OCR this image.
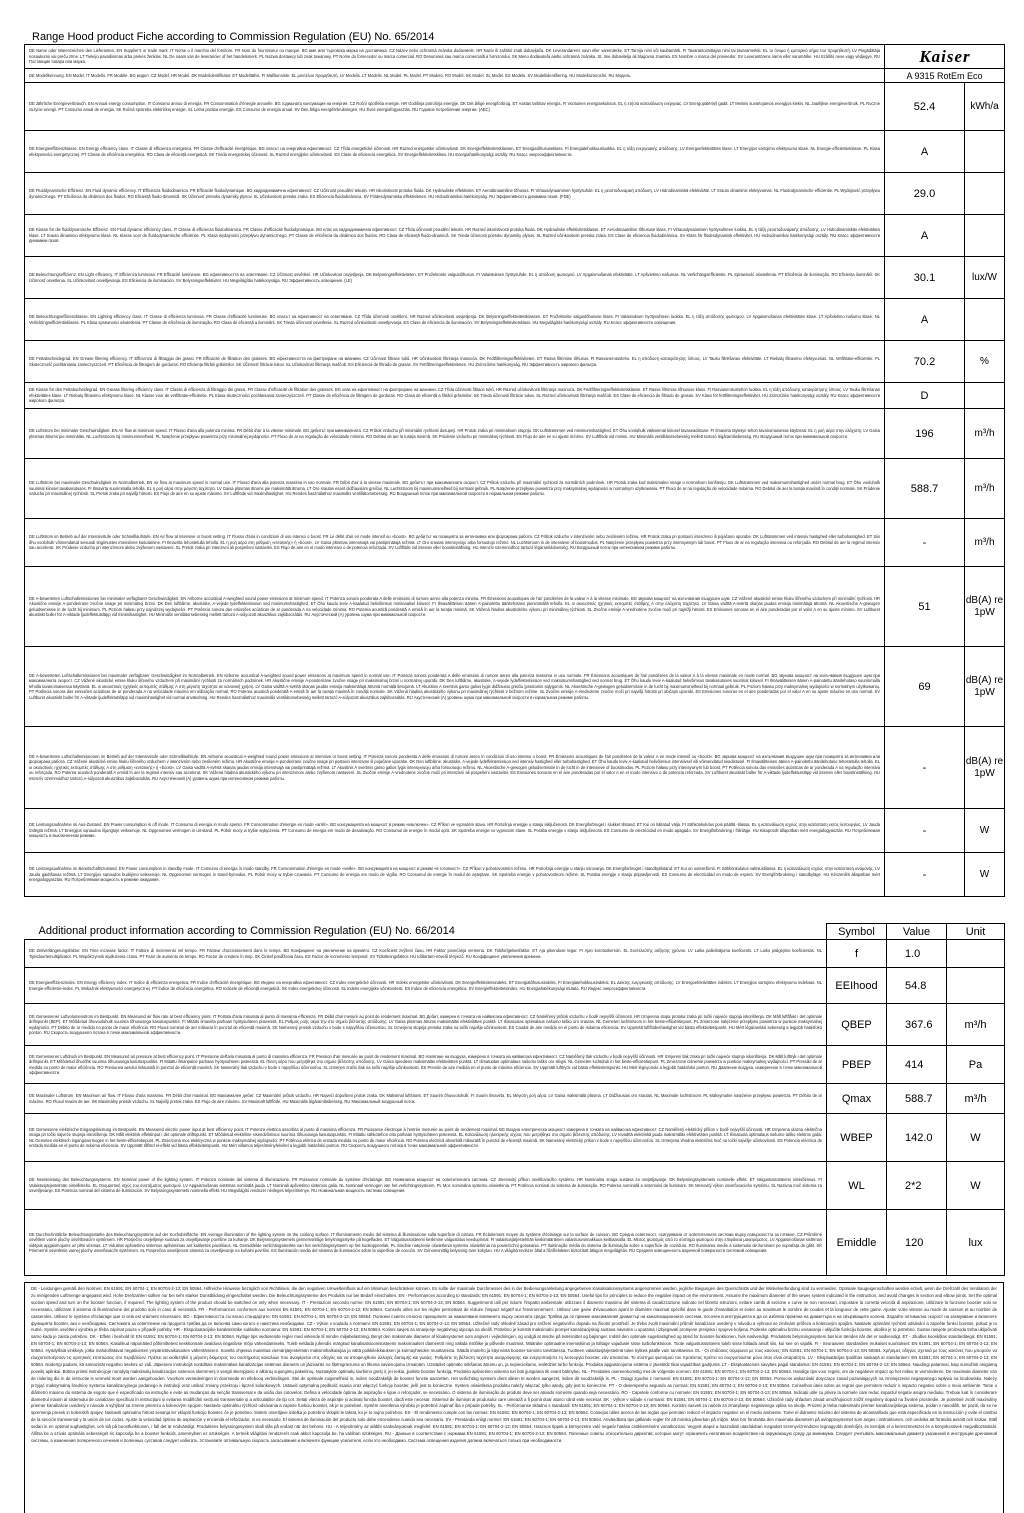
Range Hood product Fiche according to Commission Regulation (EU) No. 65/2014
DE Name oder Warenzeichen des Lieferanten. EN Supplier's or trade mark. IT Nome o il marchio del fornitore. FR Nom du fournisseur ou marque. BG име или търговска марка на доставчика. CZ Název nebo ochranná známka dodavatele. HR Naziv ili zaštitni znak dobavljača. DK Leverandørens navn eller varemærke. ET Tarnija nimi või kaubamärk. FI Tavarantoimittajan nimi tai tavaramerkki. EL το όνομα ή εμπορικό σήμα του προμηθευτή. LV Piegādātāja nosaukums vai preču zīme. LT Tiekėjo pavadinimas arba prekės ženklas. NL De naam van de leverancier of het handelsmerk. PL Nazwa dostawcy lub znak towarowy. PT Nome do fornecedor ou marca comercial. RO Denumirea sau marca comercială a furnizorului. SK Meno dodávateľa alebo ochranná známka. SL Ime dobavitelja ali blagovna znamka. ES Nombre o marca del proveedor. SV Leverantörens namn eller varumärke. HU Szállító neve vagy védjegye. RU Поставщик товара или марка.	Kaiser	

DE Modellkennung. EN Model. IT Modello. FR Modèle. BG модел. CZ Model. HR Model. DK Modelidentifikator. ET Mudelitähis. FI Mallitunniste. EL μοντέλου προμηθευτή. LV Modelis. LT Modelis. NL Model. PL Model. PT Modelo. RO Model. SK Model. SL Model. ES Modelo. SV Modellidentifiering. HU Modellazonosító. RU Модель.	A 9315 RotEm Eco	
DE Jährliche Energieverbrauch. EN Annual energy consumption. IT Consumo annuo di energia. FR Consommation d'énergie annuelle. BG годишната консумация на енергия. CZ Roční spotřeba energie. HR Godišnja potrošnja energije. DK Det årlige energiforbrug. ET Aastas tarbitav energia. FI Vuotuinen energiankulutus. EL η ετήσια κατανάλωση ενέργειας. LV Energopatēriņš gadā. LT Metinis suvartojamos energijos kiekis. NL Jaarlijkse energieverbruik. PL Roczne zużycie energii. PT Consumo anual de energia. SK Ročná spotreba elektrickej energie. SL Letna poraba energije. ES Consumo de energía anual. SV Den årliga energiförbrukningen. HU Éves energiafogyasztás. RU Годовое потребление энергии. (AEC)	52.4	kWh/a
DE Energieeffizienzklasse. EN Energy efficiency class. IT Classe di efficienza energetica. FR Classe d'efficacité énergétique. BG класът на енергийна ефективност. CZ Třída energetické účinnosti. HR Razred energetske učinkovitosti. DK Energieffektivitetsklassen. ET Energiatõhususeklass. FI Energiatehokkuusluokka. EL η τάξη ενεργειακής απόδοσης. LV Energoefektivitātes klase. LT Energijos vartojimo efektyvumo klasė. NL Energie-efficiëntieklasse. PL Klasa efektywności energetycznej. PT Classe de eficiência energética. RO Clasa de eficiență energetică. SK Trieda energetickej účinnosti. SL Razred energijske učinkovitosti. ES Clase de eficiencia energética. SV Energieffektivitetsklass. HU Energiahatékonysági osztály. RU Класс энергоэффективности.	A	
DE Fluiddynamische Effizienz. EN Fluid dynamic efficiency. IT Efficienza fluidodinamica. FR Efficacité fluidodynamique. BG хидродинамична ефективност. CZ Účinnost proudění tekutin. HR Iskoristivost protoka fluida. DK Hydrauliske effektivitet. ET Aerodünaamiline tõhusus. FI Virtausdynaaminen hyötysuhde. EL η ρευστοδυναμική απόδοση. LV Hidrodinamiskā efektivitāte. LT Srauto dinaminis efektyvumas. NL Fluïdodynamische efficiëntie. PL Wydajność przepływu dynamicznego. PT Eficiência da dinâmica dos fluidos. RO Eficiență fluido-dinamică. SK Účinnosť prietoku dynamiky plynov. SL Učinkovitost pretoka zraka. ES Eficiencia fluidodinámica. SV Flödesdynamiska effektiviteten. HU Hidrodinamikai hatékonyság. RU Эффективность динамики газов. (FDE)	29.0	
DE Klasse für die fluiddynamische Effizienz. EN Fluid dynamic efficiency class. IT Classe di efficienza fluidodinamica. FR Classe d'efficacité fluidodynamique. BG клас на хидродинамична ефективност. CZ Třída účinnosti proudění tekutin. HR Razred iskoristivosti protoka fluida. DK Hydrauliske effektivitetsklasse. ET Aerodünaamilise tõhususe klass. FI Virtausdynaamisen hyötysuhteen luokka. EL η τάξη ρευστοδυναμικής απόδοσης. LV Hidrodinamiskās efektivitātes klase. LT Srauto dinaminio efektyvumo klasė. NL Klasse voor de fluïdodynamische efficiëntie. PL Klasa wydajności przepływu dynamicznego. PT Classe de eficiência da dinâmica dos fluidos. RO Clasa de eficiență fluido-dinamică. SK Trieda účinnosti prietoku dynamiky plynov. SL Razred učinkovitosti pretoka zraka. ES Clase de eficiencia fluidodinámica. SV Klass för flödesdynamisk effektivitet. HU Hidrodinamikai hatékonysági osztály. RU Класс эффективности динамики газов.	A	
DE Beleuchtungseffizienz. EN Light efficiency. IT Efficienza luminosa. FR Efficacité lumineuse. BG ефективността на осветяване. CZ Účinnost osvětlení. HR Učinkovitost osvjetljenja. DK Belysningseffektiviteten. ET Prožektorite valgustõhusus. FI Valaistuksen hyötysuhde. EL η απόδοση φωτισμού. LV Apgaismošanas efektivitāte. LT Apšvietimo našumas. NL Verlichtingsefficiëntie. PL Sprawność oświetlenia. PT Eficiência de iluminação. RO Eficiența iluminării. SK Účinnosť osvetlenia. SL Učinkovitost osvetljevanja. ES Eficiencia de iluminación. SV Belysningseffektivitet. HU Megvilágítás hatékonysága. RU Эффективность освещения. (LE)	30.1	lux/W
DE Beleuchtungseffizienzklasse. EN Lighting efficiency class. IT Classe di efficienza luminosa. FR Classe d'efficacité lumineuse. BG класът на ефективност на осветяване. CZ Třída účinnosti osvětlení. HR Razred učinkovitosti osvjetljenja. DK Belysningseffektivitetsklassen. ET Prožektorite valgustõhususe klass. FI Valaistuksen hyötysuhteen luokka. EL η τάξη απόδοσης φωτισμού. LV Apgaismošanas efektivitātes klase. LT Apšvietimo našumo klasė. NL Verlichtingsefficiëntieklasse. PL Klasa sprawności oświetlenia. PT Classe de eficiência de iluminação. RO Clasa de eficiență a iluminării. SK Trieda účinnosti osvetlenia. SL Razred učinkovitosti osvetljevanja. ES Clase de eficiencia de iluminación. SV Belysningseffektivitetsklass. HU Megvilágítás hatékonysági osztály. RU Класс эффективности освещения.	A	
DE Fettabscheidegrad. EN Grease filtering efficiency. IT Efficienza di filtraggio dei grassi. FR Efficacité de filtration des graisses. BG ефективността на филтриране на мазнини. CZ Účinnost filtrace tuků. HR Učinkovitost filtriranja masnoća. DK Fedtfiltreringseffektiviteten. ET Rasva filtrimise tõhusus. FI Rasvanerotusteho. EL η απόδοση κατακράτησης λίπους. LV Tauku filtrēšanas efektivitāte. LT Riebalų filtravimo efektyvumas. NL Vetfiltratie-efficiëntie. PL Skuteczność pochłaniania zanieczyszczeń. PT Eficiência de filtragem de gorduras. RO Eficiența filtrării grăsimilor. SK Účinnosť filtrácie tukov. SL Učinkovitost filtriranja maščob. ES Eficiencia de filtrado de grasas. SV Fettfiltreringseffektiviteten. HU Zsírszűrési hatékonyság. RU Эффективность жирового фильтра.	70.2	%
DE Klasse für den Fettabscheidegrad. EN Grease filtering efficiency class. IT Classe di efficienza di filtraggio dei grassi. FR Classe d'efficacité de filtration des graisses. BG клас на ефективност на филтриране на мазнини. CZ Třída účinnosti filtrace tuků. HR Razred učinkovitosti filtriranja masnoća. DK Fedtfiltreringseffektivitetsklasse. ET Rasva filtrimise tõhususe klass. FI Rasvanerotustehon luokka. EL η τάξη απόδοσης κατακράτησης λίπους. LV Tauku filtrēšanas efektivitātes klase. LT Riebalų filtravimo efektyvumo klasė. NL Klasse voor de vetfiltratie-efficiëntie. PL Klasa skuteczności pochłaniania zanieczyszczeń. PT Classe de eficiência de filtragem de gorduras. RO Clasa de eficiență a filtrării grăsimilor. SK Trieda účinnosti filtrácie tukov. SL Razred učinkovitosti filtriranja maščob. ES Clase de eficiencia de filtrado de grasas. SV Klass för fettfiltreringseffektivitet. HU Zsírszűrési hatékonysági osztály. RU Класс эффективности жирового фильтра.	D	
DE Luftstrom bei minimaler Geschwindigkeit. EN Air flow at minimum speed. IT Flusso d'aria alla potenza minima. FR Débit d'air à la vitesse minimale. BG дебитът при минималната. CZ Průtok vzduchu při minimální rychlosti dosupný. HR Protok zraka pri minimalnom stupnju. DK Luftstrømmen ved minimumshastighed. ET Õhu vooluhulk väikseimal kiirusel tavaseadistuse. FI Ilmavirta täytetyn tehon tavanomaisessa käytössä. EL η ροή αέρα στην ελάχιστη. LV Gaisa plūsmas ātrums pie minimālās. NL Luchtstroom bij minimumsnelheid. PL Natężenie przepływu powietrza przy minimalnej wydajności. PT Fluxo de ar na regulação de velocidade mínima. RO Debitul de aer la turația minimă. SK Prúdenie vzduchu pri minimálnej rýchlosti. ES Flujo de aire en su ajuste mínimo. SV Luftflöde vid minimi. HU Minimális ventillátorsebesség mellett tartozó légáramlásbesség. RU Воздушный поток при минимальной скорости.	196	m³/h
DE Luftstrom bei maximaler Geschwindigkeit im Normalbetrieb. EN Air flow at maximum speed in normal use. IT Flusso d'aria alla potenza massima in uso normale. FR Débit d'air à la vitesse maximale. BG дебитът при максималната скорост. CZ Průtok vzduchu při maximální rychlosti za normálních podmínek. HR Protok zraka kod maksimalne snage u normalnom korištenju. DK Luftstrømmen ved maksimumshastighed under normal brug. ET Õhu vooluhulk suurimal kiirusel tavakasutuses. FI Ilmavirta suurimmalla teholla. EL η ροή αέρα στην μέγιστη ταχύτητα. LV Gaisa plūsmas ātrums pie maksimālā ātruma. LT Oro srautas esant didžiausiam greičiui. NL Luchtstroom bij maximumsnelheid bij normaal gebruik. PL Natężenie przepływu powietrza przy maksymalnej wydajności w normalnym użytkowaniu. PT Fluxo de ar na regulação de velocidade máxima. RO Debitul de aer la turația maximă în condiții normale. SK Prúdenie vzduchu pri maximálnej rýchlosti. SL Pretok zraka pri najvišji hitrosti. ES Flujo de aire en su ajuste máximo. SV Luftflöde vid maximihastighet. HU Rendes használathoz maximális ventillátorsebesség. RU Воздушный поток при максимальной скорости в нормальном режиме работы.	588.7	m³/h
DE Luftstrom im Betrieb auf der Intensivstufe oder Schnelllaufstufe. EN Air flow at intensive or boost setting. IT Flusso d'aria in condizioni di uso intenso o boost. FR Le débit d'air en mode intensif ou «boost». BG дебитът на позицията за интензивна или форсирана работа. CZ Průtok vzduchu v intenzivním nebo zesíleném režimu. HR Protok zraka pri postavci intenzivno ili pojačano uporabe. DK Luftstrømmen ved intensiv hastighed eller turbohastighed. ET Siis õhu vooluhulk võimendatud seisundi tingimustes intensiivne kasutamine. FI Ilmavirta tehostetulla teholla. EL η ροή αέρα στη ρύθμιση «εντατικής» ή «boost». LV Gaisa plūsmas intensīvajā vai pastiprinātajā režīmā. LT Oro srautas intensyviojo arba forsuotojo režimo. NL Luchtstroom in de intensieve of boostmodus. PL Natężenie przepływu powietrza przy intensywnym lub boost. PT Fluxo de ar na regulação intensiva ou reforçada. RO Debitul de aer la regimul intensiv sau accelerat. SK Prúdenie vzduchu pri intenzívnom alebo zvýšenom nastavení. SL Pretok zraka pri intenzivni ali pospešeni nastavitvi. ES Flujo de aire en el modo intensivo o de potencia reforzada. SV Luftflöde vid intensiv eller boostinställning. HU Intenzív üzemmódhoz tartozó légáramlásbesség. RU Воздушный поток при интенсивном режиме работы.	-	m³/h
DE A-bewerteten Luftschallemissionen bei minimaler verfügbarer Geschwindigkeit. EN Airborne acoustical A-weighted sound power emissions at minimum speed. IT Potenza sonora ponderata A delle emissioni di rumore aereo alla potenza minima. FR Émissions acoustiques de l'air pondérées de la valeur A à la vitesse minimale. BG звукова мощност на излъчвания въздушен шум. CZ Vážené akustické emise hluku šířeného vzduchem při minimální rychlosti. HR Akustične emisije A-ponderirane zvučne snage pri minimalnoj brzini. DK Den luftbårne, akustiske, A-vejede lydeffektemission ved minimumshastighed. ET Õhu kaudu leviv A-kaalutud helivõimsus minimaalsel kiirusel. FI Ilmavälitteisen äänen A-painotettu äänitehotaso pienimmällä teholla. EL οι ακουστικές ηχητικές εκπομπές στάθμης A στην ελάχιστη ταχύτητα. LV Gaisa vadītā A-svērtā skaņas jaudas emisija minimālajā ātrumā. NL Akoestische A-gewogen geluidsemissie in de lucht bij minimum. PL Poziom hałasu przy najniższej wydajności. PT Potência sonora das emissões acústicas de ar ponderada A na velocidade mínima. RO Puterea acustică ponderată A emisă în aer la turația minimă. SK Vážená hladina akustického výkonu pri minimálnej rýchlosti. SL Zvočne emisije A-vrednotene zvočne moči pri najnižji hitrosti. ES Emisiones sonoras en el aire ponderadas por el valor A en su ajuste mínimo. SV Luftburet akustiskt buller för A-viktade ljudeffektutsläpp vid minimihastighet. HU Minimális ventilátorsebesség mellett tartozó A-súlyozott akusztikus zajkibocsátás. RU Акустический (А) уровень шума при минимальной скорости.	51	dB(A) re 1pW
DE A-bewerteten Luftschallemissionen bei maximaler verfügbarer Geschwindigkeit im Normalbetrieb. EN Airborne acoustical A-weighted sound power emissions at maximum speed in normal use. IT Potenza sonora ponderata A delle emissioni di rumore aereo alla potenza massima in uso normale. FR Émissions acoustiques de l'air pondérées de la valeur A à la vitesse maximale en mode normal. BG звукова мощност на излъчвания въздушен шум при максималната скорост. CZ Vážené akustické emise hluku šířeného vzduchem při maximální rychlosti za normálních podmínek. HR Akustične emisije A-ponderirane zvučne snage pri maksimalnoj brzini u normalnoj uporabi. DK Den luftbårne, akustiske, A-vejede lydeffektemission ved maksimumshastighed ved normal brug. ET Õhu kaudu leviv A-kaalutud helivõimsus tavakasutuses suurimal kiirusel. FI Ilmavälitteisen äänen A-painotettu äänitehotaso suurimmalla teholla tavanomaisessa käytössä. EL οι ακουστικές ηχητικές εκπομπές στάθμης A στη μέγιστη ταχύτητα σε κανονική χρήση. LV Gaisa vadītā A-svērtā skaņas jaudas emisija maksimālajā ātrumā normālā lietojumā. LT Akustinis A svertinis garso galios lygis didžiausiu greičiu įprastomis sąlygomis. NL Akoestische A-gewogen geluidsemissie in de lucht bij maximumsnelheid bij normaal gebruik. PL Poziom hałasu przy maksymalnej wydajności w normalnym użytkowaniu. PT Potência sonora das emissões acústicas de ar ponderada A na velocidade máxima em utilização normal. RO Puterea acustică ponderată A emisă în aer la turația maximă în condiții normale. SK Vážená hladina akustického výkonu pri maximálnej rýchlosti v bežnom režime. SL Zvočne emisije A-vrednotene zvočne moči pri najvišji hitrosti pri običajni uporabi. ES Emisiones sonoras en el aire ponderadas por el valor A en su ajuste máximo en uso normal. SV Luftburet akustiskt buller för A-viktade ljudeffektutsläpp vid maximihastighet vid normal användning. HU Rendes használathoz maximális ventilátorsebesség mellett tartozó A-súlyozott akusztikus zajkibocsátás. RU Акустический (А) уровень шума при максимальной скорости в нормальном режиме работы.	69	dB(A) re 1pW
DE A-bewerteten Luftschallemissionen im Betrieb auf der Intensivstufe oder Schnelllaufstufe. EN Airborne acoustical A-weighted sound power emissions at intensive or boost setting. IT Potenza sonora ponderata A delle emissioni di rumore aereo in condizioni di uso intenso o boost. FR Émissions acoustiques de l'air pondérées de la valeur A en mode intensif ou «boost». BG звукова мощност на излъчвания въздушен шум при позицията за интензивна или форсирана работа. CZ Vážené akustické emise hluku šířeného vzduchem v intenzivním nebo zesíleném režimu. HR Akustične emisije A-ponderirane zvučne snage pri postavci intenzivne ili pojačane uporabe. DK Den luftbårne, akustiske, A-vejede lydeffektemission ved intensiv hastighed eller turbohastighed. ET Õhu kaudu leviv A-kaalutud helivõimsus intensiivsel või võimendatud seadistusel. FI Ilmavälitteisen äänen A-painotettu äänitehotaso tehostetulla teholla. EL οι ακουστικές ηχητικές εκπομπές στάθμης A στη ρύθμιση «εντατικής» ή «boost». LV Gaisa vadītā A-svērtā skaņas jaudas emisija intensīvajā vai pastiprinātajā režīmā. LT Akustinis A svertinis garso galios lygis intensyviuoju arba forsuotuoju režimu. NL Akoestische A-gewogen geluidsemissie in de lucht in de intensieve of boostmodus. PL Poziom hałasu przy intensywnym lub boost. PT Potência sonora das emissões acústicas de ar ponderada A na regulação intensiva ou reforçada. RO Puterea acustică ponderată A emisă în aer la regimul intensiv sau accelerat. SK Vážená hladina akustického výkonu pri intenzívnom alebo zvýšenom nastavení. SL Zvočne emisije A-vrednotene zvočne moči pri intenzivni ali pospešeni nastavitvi. ES Emisiones sonoras en el aire ponderadas por el valor A en el modo intensivo o de potencia reforzada. SV Luftburet akustiskt buller för A-viktade ljudeffektutsläpp vid intensiv eller boostinställning. HU Intenzív üzemmódhoz tartozó A-súlyozott akusztikus zajkibocsátás. RU Акустический (А) уровень шума при интенсивном режиме работы.	-	dB(A) re 1pW
DE Leistungsaufnahme im Aus-Zustand. EN Power consumption in off mode. IT Consumo di energia in modo spento. FR Consommation d'énergie en mode «arrêt». BG консумацията на мощност в режим «изключен». CZ Příkon ve vypnutém stavu. HR Potrošnja energije u stanju isključenosti. DK Energiforbruget i slukket tilstand. ET Kui on lülitatud välja. FI Sähkönkulutus pois päältä -tilassa. EL η κατανάλωση ισχύος στην κατάσταση εκτός λειτουργίας. LV Jauda izslēgtā režīmā. LT Energijos sąnaudos išjungtoje veiksenoje. NL Opgenomen vermogen in uit-stand. PL Pobór mocy w trybie wyłączenia. PT Consumo de energia em modo de desativação. RO Consumul de energie în modul oprit. SK Spotreba energie vo vypnutom stave. SL Poraba energije v stanju izključenosti. ES Consumo de electricidad en modo apagado. SV Energiförbrukning i frånläge. HU Kikapcsolt állapotban mért energiafogyasztás. RU Потребляемая мощность в выключенном режиме.	-	W
DE Leistungsaufnahme im Bereitschaftszustand. EN Power consumption in standby mode. IT Consumo di energia in modo standby. FR Consommation d'énergie en mode «veille». BG консумацията на мощност в режим «в готовност». CZ Příkon v pohotovostním režimu. HR Potrošnja energije u stanju mirovanja. DK Energiforbruget i standbytilstand. ET Kui on ooterežiimil. FI Sähkönkulutus valmiustilassa. EL η κατανάλωση ισχύος στην κατάσταση αναμονής. LV Jauda gaidīšanas režīmā. LT Energijos sąnaudos budėjimo veiksenoje. NL Opgenomen vermogen in stand-bymodus. PL Pobór mocy w trybie czuwania. PT Consumo de energia em modo de vigília. RO Consumul de energie în modul de așteptare. SK Spotreba energie v pohotovostnom režime. SL Poraba energije v stanju pripravljenosti. ES Consumo de electricidad en modo de espera. SV Energiförbrukning i standbyläge. HU Készenléti állapotban mért energiafogyasztás. RU Потребляемая мощность в режиме ожидания.	-	W
Additional product information according to Commission Regulation (EU) No. 66/2014	Symbol	Value	Unit
DE Zeitverlängerungsfaktor. EN Time increase factor. IT Fattore di incremento nel tempo. FR Facteur d'accroissement dans le temps. BG Коефициент на увеличение на времето. CZ Koeficient zvýšení času. HR Faktor povećanja vremena. DK Tidsforlgelsesfaktor. ET Aja pikenduse tegur. FI Ajan korotuskerroin. EL Συντελεστής αύξησης χρόνου. LV Laika palielinājuma koeficients. LT Laiko pailgėjimo koeficientas. NL Tijdsduurtemultiplicator. PL Współczynnik wydłużenia czasu. PT Fator de aumento de tempo. RO Factor de creștere în timp. SK Činiteľ predĺženia času. ES Factor de incremento temporal. SV Tidsökningsfaktor. HU Időtartam-növelő tényező. RU Коэффициент увеличения времени.	f	1.0	
DE Energieeffizienzindex. EN Energy efficiency index. IT Indice di efficienza energetica. FR Indice d'efficacité énergétique. BG Индекс на енергийна ефективност. CZ Index energetické účinnosti. HR Indeks energetske učinkovitosti. DK Energieffektivitetsindeks. ET Energiatõhususindeks. FI Energiatehokkuusindeksi. EL Δείκτης ενεργειακής απόδοσης. LV Energoefektivitātes indekss. LT Energijos vartojimo efektyvumo indeksas. NL Energie-efficiëntie-index. PL Wskaźnik efektywności energetycznej. PT Índice de eficiência energética. RO Indicele de eficiență energetică. SK Index energetickej účinnosti. SL Indeks energijske učinkovitosti. ES Índice de eficiencia energética. SV Energieffektivitetsindex. HU Energiahatékonysági mutató. RU Индекс энергоэффективности.	EEIhood	54.8	
DE Gemessener Luftvolumenstrom im Bestpunkt. EN Measured air flow rate at best efficiency point. IT Portata d'aria misurata al punto di massima efficienza. FR Débit d'air mesuré au point de rendement maximal. BG Дебит, измерен в точката на найвисока ефективност. CZ Naměřený průtok vzduchu v bodě nejvyšší účinnosti. HR Izmjerena stopa protoka zraka pri točki najveće stupnja iskorištenja. DK Målt luftflåiet i det optimale driftspunkt (BEP). ET Mõõdetud õhuvooluhulk suurima tõhususega kasutuspunktis. FI Mitattu ilmavirta parhaan hyötysuhteen pisteessä. EL Ρυθμός ροής αέρα την στο σημείο βέλτιστης απόδοσης. LV Gaisa plūsmas ātrums maksimālās efektivitātes punktā. LT Išmatuotas optimalaus našumo taško oro srautas. NL Gemeten luchtstroom in het beste-efficiëntiepunt. PL Zmierzone natężenie przepływu powietrza w punkcie maksymalnej wydajności. PT Débito de ar medido no ponto de maior eficiência. RO Fluxul nominal de aer măsurat în punctul de eficiență maximă. SK Nameraný prietok vzduchu v bode s najvyššou účinnosťou. SL Izmerjena stopnja pretoka zraka na točki najvišje učinkovitosti. ES Caudal de aire medido en el punto de máxima eficiencia. SV Uppmätt luftflödeshastighet vid bästa effektivitetspunkt. HU Mért légáramlási sebesség a legjobb hatásfokú ponton. RU Скорость воздушного потока в точке максимальной эффективности.	QBEP	367.6	m³/h
DE Gemessener Luftdruck im Bestpunkt. EN Measured air pressure at best efficiency point. IT Pressione dell'aria misurata al punto di massima efficienza. FR Pression d'air mesurée au point de rendement maximal. BG Налягане на въздуха, измерено в точката на найвисока ефективност. CZ Naměřený tlak vzduchu v bodě nejvyšší účinnosti. HR Izmjereni tlak zraka pri točki najveće stupnja iskorištenja. DK Målt lufttryk i det optimale driftspunkt. ET Mõõdetud õhurõhk suurima tõhususega kasutuspunktis. FI Mitattu ilmanpaine parhaan hyötysuhteen pisteessä. EL Πίεση αέρα που μετρήθηκε στο σημείο βέλτιστης απόδοσης. LV Gaisa spiediens maksimālās efektivitātes punktā. LT Išmatuotas optimalaus našumo taško oro slėgis. NL Gemeten luchtdruk in het beste-efficiëntiepunt. PL Zmierzone ciśnienie powietrza w punkcie maksymalnej wydajności. PT Pressão de ar medida no ponto de maior eficiência. RO Presiunea aerului măsurată în punctul de eficiență maximă. SK Nameraný tlak vzduchu v bode s najvyššou účinnosťou. SL Izmerjen zračni tlak na točki najvišje učinkovitosti. ES Presión de aire medida en el punto de máxima eficiencia. SV Uppmätt lufttryck vid bästa effektivitetspunkt. HU Mért légnyomás a legjobb hatásfokú ponton. RU Давление воздуха, измеренное в точке максимальной эффективности.	PBEP	414	Pa
DE Maximaler Luftstrom. EN Maximum air flow. IT Flusso d'aria massimo. FR Débit d'air maximal. BG Максимален дебит. CZ Maximální průtok vzduchu. HR Najveći dopušteni protok zraka. DK Maksimal luftstrøm. ET Suurim õhuvooluhulk. FI Suurin ilmavirta. EL Μέγιστη ροή αέρα. LV Gaisa maksimālā plūsma. LT Didžiausias oro srautas. NL Maximale luchtstroom. PL Maksymalne natężenie przepływu powietrza. PT Débito de ar máximo. RO Fluxul maxim de aer. SK Maximálny prietok vzduchu. SL Najvišji pretok zraka. ES Flujo de aire máximo. SV Maximalt luftflöde. HU Maximális légáramlásbesség. RU Максимальный воздушный поток.	Qmax	588.7	m³/h
DE Gemessene elektrische Eingangsleistung im Bestpunkt. EN Measured electric power input at best efficiency point. IT Potenza elettrica assorbita al punto di massima efficienza. FR Puissance électrique à l'entrée mesurée au point de rendement maximal. BG Входна електрическа мощност измерена в точката на найвисока ефективност. CZ Naměřený elektrický příkon v bodě nejvyšší účinnosti. HR Izmjerena ulazna električna snaga pri točki najveće stupnja iskorištenja. DK Målt elektrisk effektinput i det optimale driftspunkt. ET Mõõdetud elektriline sisendvõimsus suurima tõhususega kasutuspunktis. FI Mitattu sähkötehon otto parhaan hyötysuhteen pisteessä. EL Κατανάλωση ηλεκτρικής ισχύος που μετρήθηκε στο σημείο βέλτιστης απόδοσης. LV Ievadītā elektriskā jauda maksimālās efektivitātes punktā. LT Išmatuota optimalaus našumo taško elektros galia. NL Gemeten elektrisch ingangsvermogen in het beste-efficiëntiepunt. PL Zmierzona moc elektryczna w punkcie maksymalnej wydajności. PT Potência elétrica de entrada medida no ponto de maior eficiência. RO Puterea electrică absorbită măsurată în punctul de eficiență maximă. SK Nameraný elektrický príkon v bode s najvyššou účinnosťou. SL Izmerjena vhodna električna moč na točki najvišje učinkovitosti. ES Potencia eléctrica de entrada medida en el punto de máxima eficiencia. SV Uppmätt tillförd el-effekt vid bästa effektivitetspunkt. HU Mért villamos teljesítményfelvétel a legjobb hatásfokú ponton. RU Скорость воздушного потока в точке максимальной эффективности.	WBEP	142.0	W
DE Nennleistung des Beleuchtungssystems. EN Nominal power of the lighting system. IT Potenza nominale del sistema di illuminazione. FR Puissance nominale du système d'éclairage. BG Номинална мощност на осветителната система. CZ Jmenovitý příkon osvětlovacího systému. HR Nominalna snaga sustava za osvjetljavanje. DK Belysningssystemets nominelle effekt. ET Valgustussüsteemi nimivõimsus. FI Valaistusjärjestelmän nimellisteho. EL Ονομαστική ισχύς του συστήματος φωτισμού. LV Apgaismošanas sistēmas nominālā jauda. LT Nominali apšvietimo sistemos galia. NL Nominaal vermogen van het verlichtingssysteem. PL Moc nominalna systemu oświetlenia. PT Potência nominal do sistema de iluminação. RO Puterea nominală a sistemului de iluminare. SK Menovitý výkon osvetľovacieho systému. SL Nazivna moč sistema za osvetljevanje. ES Potencia nominal del sistema de iluminación. SV Belysningssystemets nominella effekt. HU Megvilágító rendszer névleges teljesítménye. RU Номинальная мощность системы освещения.	WL	2*2	W
DE Durchschnittliche Beleuchtungsstärke des Beleuchtungssystems auf der Kochoberfläche. EN Average illumination of the lighting system on the cooking surface. IT Illuminamento medio del sistema di illuminazione sulla superficie di cottura. FR Éclairement moyen du système d'éclairage sur la surface de cuisson. BG Средна осветеност, осигурявана от осветителната система върху повърхността за готвене. CZ Průměrné osvětlení varné plochy osvětlovacím systémem. HR Prosječno osvjetljenje sustava za osvjetljavanje površine za kuhanje. DK Belysningssystemets gennemsnitlige belysningsstyrke på kogefladen. ET Valgustussüsteemi keskmine valgustatus keedupinnal. FI Valaistusjärjestelmän keskimääräinen valaistusvoimakkuus keittotasolla. EL Μέσος φωτισμός από το σύστημα φωτισμού στην επιφάνεια μαγειρέματος. LV Apgaismošanas sistēmas vidējais apgaismojums uz plīts virsmas. LT Vidutinis apšvietimo sistemos apšvietimas ant kaitlentės paviršiaus. NL Gemiddelde verlichtingssterkte van het verlichtingssysteem op het kookoppervlak. PL Średnie natężenie oświetlenia systemu oświetlenia na powierzchni gotowania. PT Iluminação média do sistema de iluminação sobre a superfície de cozedura. RO Iluminarea medie a sistemului de iluminare pe suprafața de gătit. SK Priemerné osvetlenie varnej plochy osvetľovacím systémom. SL Povprečna osvetljenost sistema za osvetljevanje na kuhalni površini. ES Iluminación media del sistema de iluminación sobre la superficie de cocción. SV Genomsnittlig belysning över kokytan. HU A világítórendszer által a főzőfelületen biztosított átlagos megvilágítás. RU Средняя освещенность варочной поверхности системой освещения.	Emiddle	120	lux
DE - Leistungen gemäß den Normen: EN 61591; EN 60704-1; EN 60704-2-13; EN 50564. Hilfreiche Hinweise bezüglich von Richtlinien, die den negativen Umwelteinfluss auf ein Minimum beschränken können. Es sollte der maximale Durchmesser des in der Bedienungsanleitung angegebenen Kanalisationssystems angenommen werden, jegliche Biegungen des Querschnitts und der Winkelverbindung sind zu vermeiden. Optimale Saugeigenschaften werden erzielt, wenn die Drehzahl des Ventilators der zu reinigenden Luftmenge angepasst wird. Hohe Drehzahlen sollten nur bei sehr starker Dunstbildung eingeschaltet werden. Die Beleuchtungssysteme des Produkts nur bei Bedarf einschalten. EN - Performances according to standards: EN 61591; EN 60704-1; EN 60704-2-13; EN 50564. Useful tips for principles to reduce the negative impact on the environment. Assume the maximum diameter of the sewer system indicated in the instruction, and avoid changes in section and elbow joints. Set the optimal suction speed and turn on the booster function, if required. The lighting system of the product should be switched on only when necessary. IT - Prestazioni secondo norme: EN 61591; EN 60704-1; EN 60704-2-13; EN 50564. Suggerimenti utili per ridurre l'impatto ambientale: utilizzare il diametro massimo del sistema di canalizzazione indicato nel libretto istruzioni, evitare cambi di sezione o curve se non necessari, impostare la corretta velocità di aspirazione, utilizzare la funzione booster solo se necessario, utilizzare il sistema di illuminazione del prodotto solo in caso di necessità. FR - Performances conformes aux normes EN 61591; EN 60704-1; EN 60704-2-13; EN 50564. Conseils utiles sur les règles permettant de réduire l'impact négatif sur l'environnement : Utilisez une gaine d'évacuation ayant le diamètre maximal spécifié dans le guide d'installation et éviter au maximum le nombre de coudes et la longueur de cette gaine. Ajuster votre vitesse au mode de cuisson et au nombre de casseroles. Utilisez le système d'éclairage que si cela est vraiment nécessaire. BG - Ефективността съгласно стандартите: EN 61591; EN 60704-1; EN 60704-2-13; EN 50564. Полезни съвети относно принципите за намаляване влиянието върху околната среда: Трябва да се приеме максималния диаметър на канализационните системи, посочен в инструкцията и да се избягва промяна на диаметъра и на свързващите колена. Задайте оптимална скорост на засмукване и включете функцията booster, ако е необходимо. Системата за осветление на продукта трябва да се включва само когато е наистина необходимо. CZ - Výkon v souladu s normami: EN 61591; EN 60704-1; EN 60704-2-13; EN 50564. Užitečné rady ohledně zásad pro snížení negativního dopadu na životní prostředí. Je třeba zvolit maximální průměr kanalizace uvedený v návodu a vyhnout se změnám průřezu a kolenovým spojům. Nastavte optimální rychlost odsávání a zapněte funkci booster, pokud je to nutné. Systém osvětlení výrobku je třeba zapínat pouze v případě potřeby. HR - Ekspoloatacijske karakteristike sukladno normama: EN 61591; EN 60704-1; EN 60704-2-13; EN 50564. Korisni savjeti za smanjenje negativnog utjecaja na okoliš. Potrebno je koristiti maksimalni promjer kanalizacijskog sustava naveden u uputama i izbjegavati promjene presjeka i spojeve koljena. Podesite optimalnu brzinu usisavanja i uključite funkciju booster, ukoliko je to potrebno. Sustav rasvjete proizvoda treba uključivati samo kada je zaista potrebno. DK - Effekt i henhold til: EN 61591; EN 60704-1; EN 60704-2-13; EN 50564. Nyttige tips vedrørende regler med virkende til mindre miljøbelastning. Benyt den maksimale diameter af kloaksystemet som angivet i vejledningen, og undgå at ændre på tværsnittet og bøjninger. Indstil den optimale sugehastighed og tænd for booster-funktionen, hvis nødvendigt. Produktets belysningssystem bør kun tændes når det er nødvendigt. ET - Jõudlus kooskõlas standarditega: EN 61591; EN 60704-1; EN 60704-2-13; EN 50564. Kasulikud näpunäited põhimõtetest keskkonnale avalduva negatiivse mõju vähendamiseks. Tuleb eeldada juhendis märgitud kanalisatsioonisüsteemi maksimaalset diameetrit ning vältida ristlõike ja põlvede muutmist. Määrake optimaalne imemiskiirus ja lülitage vajadusel sisse turbofunktsioon. Toote valgustussüsteem tuleb sisse lülitada ainult siis, kui see on vajalik. FI - Seuraavien standardien mukaiset suoritukset: EN 61591; EN 60704-1; EN 60704-2-13; EN 50564. Hyödyllisiä vinkkejä, jotka mahdollistavat negatiivisten ympäristövaikutusten vähentämisen. Sovella ohjeissa mainittua viemärijärjestelmän maksimihalkaisijaa ja vältä poikkileikkauksen ja kulmayhteiden muuttamista. Säädä imuteho ja käynnistä booster-toiminto tarvittaessa. Tuotteen valaistusjärjestelmä tulee kytkeä päälle vain tarvittaessa. EL - Οι επιδόσεις σύμφωνα με τους κανόνες: EN 61591; EN 60704-1; EN 60704-2-13; EN 50564. Χρήσιμες οδηγίες σχετικά με τους κανόνες που μπορούν να ελαχιστοποιήσουν τις αρνητικές επιπτώσεις στο περιβάλλον. Πρέπει να υιοθετηθεί η μέγιστη διάμετρος του συστήματος καναλιών που αναφέρεται στις οδηγίες και να αποφευχθούν αλλαγές διατομής και γωνίες. Ρυθμίστε τη βέλτιστη ταχύτητα αναρρόφησης και ενεργοποιήστε τη λειτουργία booster, εάν απαιτείται. Το σύστημα φωτισμού του προϊόντος πρέπει να ενεργοποιείται μόνο όταν είναι απαραίτητο. LV - Ekspluatācijas īpašības saskaņā ar standartiem: EN 61591; EN 60704-1; EN 60704-2-13; EN 50564. Noderīgi padomi, kā samazināt negatīvo ietekmi uz vidi. Jāpieņem instrukcijā norādītais maksimālais kanalizācijas sistēmas diametrs un jāizvairās no šķērsgriezuma un līkuma savienojumu izmaiņām. Uzstādiet optimālo sūkšanas ātrumu un, ja nepieciešams, ieslēdziet turbo funkciju. Produkta apgaismojuma sistēma ir jāieslēdz tikai vajadzības gadījumā. LT - Eksploatacinės savybės pagal standartus: EN 61591; EN 60704-1; EN 60704-2-13; EN 50564. Naudingi patarimai, kaip sumažinti neigiamą poveikį aplinkai. Būtina priimti instrukcijoje nurodytą maksimalų kanalizacijos sistemos skersmenį ir vengti skerspjūvio ir alkūnių sujungimų pakeitimų. Nustatykite optimalų siurbimo greitį ir, jei reikia, įjunkite booster funkciją. Produkto apšvietimo sistema turi būti įjungiama tik esant būtinybei. NL - Prestaties overeenkomstig met de volgende normen: EN 61591; EN 60704-1; EN 60704-2-13; EN 50564. Handige tips voor regels, om de negatieve impact op het milieu te verminderen. De maximale diameter van de riolering die in de instructie is vermeld moet worden aangehouden. Voorkom veranderingen in doorsnede en ellebooq verbindingen. Stel de optimale zuigsnelheid in, indien noodzakelijk de booster functie aanzetten. Het verlichting systeem dient alleen te worden aangezet, indien dit noodzakelijk is. PL - Osiągi zgodne z normami: EN 61591; EN 60704-1; EN 60704-2-13; EN 50564. Pomocne wskazówki dotyczące zasad pozwalających na zmniejszenie negatywnego wpływu na środowisko. Należy przyjąć maksymalną średnicę systemu kanalizacyjnego podanego w instrukcji oraz unikać zmiany przekroju i łączeń kolankowych. Ustawić optymalną prędkość ssania oraz włączyć funkcję booster, jeśli jest to konieczne. System oświetlenia produktu należy włączać tylko wtedy, gdy jest to konieczne. PT - O desempenho segundo as normas: EN 61591; EN 60704-1; EN 60704-2-13; EN 50564. Conselhos úteis sobre as regras que permitem reduzir o impacto negativo sobre o meio ambiente. Tome o diâmetro máximo do sistema de esgoto que é especificado na instrução e evite as mudanças da secção transversal e da união dos cotovelos. Defina a velocidade óptima de aspiração e ligue o reforçador, se necessário. O sistema de iluminação do produto deve ser ativado somente quando seja necessário. RO - Capetele conforme cu normele: EN 61591; EN 60704-1; EN 60704-2-13; EN 50564. Indicații utile cu privire la normele care reduc impactul negativ asupra mediului. Trebuie luat în considerare diametrul maxim al sistemului de canalizare specificat în instrucțiuni și evitarea modificării secțiunii transversale și a articulațiilor de tip cot. Setați viteza de aspirație și activați funcția booster, dacă este necesar. Sistemul de iluminat al produsului care umează a fi pornit doar atunci când este necesar. SK - Výkon v súlade s normami: EN 61591; EN 60704-1; EN 60704-2-13; EN 50564. Užitočné rady ohľadom zásad umožňujúcich znížiť negatívny dopad na životné prostredie. Je potrebné zvoliť maximálny priemer kanalizácie uvedený v návode a vyhýbať sa zmene prierezu a kolenovým spojom. Nastavte optimálnu rýchlosť odsávania a zapnite funkciu booster, ak je to potrebné. Systém osvetlenia výrobku je potrebné zapínať iba v prípade potreby. SL - Performanse skladno s standardi: EN 61591; EN 60704-1; EN 60704-2-13; EN 50564. Koristni nasveti za načela za zmanjšanje negativnega vpliva na okolje. Privzeti je treba maksimalni premer kanalizacijskega sistema, podan v navodilih, ter paziti, da se ne spremenja presek in kolenskih spojev. Nastaviti optimalno hitrost sesanja ter vklopiti funkcijo booster, če je potrebno. Sistem osvetljave izdelka je potrebno vklopiti le takrat, ko je to nujno potrebno. ES - El rendimiento cumple con las normas: EN 61591; EN 60704-1; EN 60704-2-13; EN 50564. Consejos útiles acerca de las reglas que permiten reducir el impacto negativo en el medio ambiente. Tome el diámetro máximo del sistema de alcantarillado que está especificado en la instrucción y evite el cambio de la sección transversal y la unión de los codos. Ajuste la velocidad óptima de aspiración y encienda el reforzador, si es necesario. El sistema de iluminación del producto solo debe encenderse cuando sea necesario. SV - Prestanda enligt normer: EN 61591; EN 60704-1; EN 60704-2-13; EN 50564. Användbara tips gällande regler för att minska påverkan på miljön. Man bör förutsätta den maximala diametern på avloppssystemet som anges i instruktionen, och undvika att förändra avsnitt och krokar. Ställ sedan in en optimal sughastighet, och slå på boostfunktionen, i fall det är nödvändigt. Produktens belysningssystem skall slås på endast när det behövs. HU - A teljesítmény az alábbi szabványoknak megfelel: EN 61591; EN 60704-1; EN 60704-2-13; EN 50564. Hasznos tippek a környezetre való negatív hatása csökkentésére vonatkozóan. Vegyük alapul a használati utasításban megadott szennyvízrendszer legnagyobb átmérőjét, és kerüljük el a keresztmetszet és a könyökcsövek megváltoztatását. Állítsa be a szívás optimális sebességét és kapcsolja be a booster funkciót, amennyiben ez szükséges. A termék világítási rendszerét csak akkor kapcsolja be, ha valóban szükséges. RU - Данные в соответствии с нормами EN 61591; EN 60704-1; EN 60704-2-13; EN 50564. Полезные советы относительно директив, которые могут ограничить негативное воздействие на окружающую среду до минимума. Следует учитывать максимальный диаметр указанной в инструкции дренажной системы, а изменения поперечного сечения и поленных суставов следует избегать. Установите оптимальную скорость засасывания и включите функцию усилителя, если это необходимо. Система освещения изделия должна включаться только при необходимости.
